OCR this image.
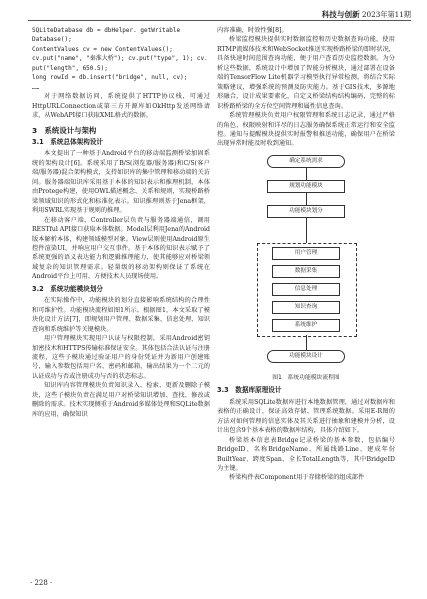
科技与创新 2023年第11期
SQLiteDatabase db = dbHelper. getWritable
Database();
ContentValues cv = new ContentValues();
cv.put("name", "秦淮大桥"); cv.put("type", 1); cv.
put("length", 650.5);
long rowId = db.insert("bridge", null, cv);
……

对于网络数据访问，系统提供了HTTP协议栈，可通过HttpURLConnection或第三方开源库如OkHttp发送网络请求，从WebAPI接口获取XML格式的数据。

3　系统设计与架构
3.1　系统总体架构设计

本文提出了一种基于Android平台的移动端监测桥梁加固系统的架构设计[6]。系统采用了B/S(浏览器/服务器)和C/S(客户端/服务器)混合架构模式，支持如识库的集中管理和移动端的关访问。服务器端知识库采用基于本体的知识表示和推理机制，本体由Protege构建，使用OWL描述概念、关系和规则，实现桥路桥梁领域知识的形式化和标准化表示。知识推理则基于Jena框架，利用SWRL实现基于规则的推理。

在移动客户端，Controller层负责与服务器端通信，调用RESTful API接口获取本体数据。Model层利用Jena的Android版本解析本体，构建领域模型对象。View层则使用Android原生控件渲染UI，并响应用户交互事件。基于本体的知识表示赋予了系统更强的语义表达能力和逻辑推理能力，使其能够应对桥梁领域复杂的知识管理需求。轻量级的移动架构则保证了系统在Android平台上可用，方便技术人员现场使用。

3.2　系统功能模块划分

在实际操作中，功能模块的划分直接影响系统结构的合理性和可维护性。功能模块流程如图1所示。根据图1，本文采取了模块化设计方法[7]，即规划用户管理、数据采集、信息处理、知识查询和系统维护等关键模块。

用户管理模块实现用户认证与权限控制，采用Android密钥加密技术和HTTPS传输标准保证安全。其体包括合法认证与注册流程，这些子模块通过验证用户的身份凭证并为新用户创建账号，输入参数包括用户名、密码和邮箱，输出结果为一个二元的认证成功与否或注册成功与否的状态标志。

知识库内容管理模块负责知识录入、检索、更新及删除子模块，这些子模块负责在满足用户对桥梁知识增加、查找、修改或删除的需求。技术实现侧重于Android多媒体处理和SQLite数据库的应用，确保知识

内容准确，时效性强[8]。

桥梁监控模块提供实时数据监控和历史数据查询功能，使用RTMP流媒体技术和WebSocket推送实现桥路桥梁的即时状况，具备快速时间范围查询功能，便于用户查看历史监控数据。为分析这些数据，系统设计中增加了智能分析模块，通过部署在设备端的TensorFlow Lite机器学习模型执行异常检测，将结合实际策略建议，增强系统的预测及防灾能力。基于GIS技术，多源地形融合，设计成果要素化，自定义桥梁结构结构编码，完整的标识桥路桥梁的全方位空间管理和属性信息查询。

系统管理模块负责用户权限管理和系统日志记录，通过严格的角色、权限映射和详尽的日志服务确保系统正常运行和安全监控。通知与提醒模块提供实时报警和推送功能，确保用户在桥梁出现异常时能及时收到通知。

确定系统需求
规划功能模块
功能模块划分
用户管理
数据采集
信息处理
知识查询
系统维护
功能模块设计
图1　系统功能模块流程图
3.3　数据库原理设计

系统采用SQLite数据库进行本地数据管理，通过对数据库和表格的正确设计，保证高效存储、管理系统数据。采用E-R图的方法对如何管理的信息实体及其关系进行抽象和建模并分析，设计出包含9个基本表格的数据库结构，具体介绍如下。

桥梁基本信息表Bridge记录桥梁的基本参数，包括编号BridgeID、名称BridgeName、所属线路Line、建成年份BuiltYear、跨度Span、全长TotalLength等，其中BridgeID为主键。

桥梁构件表Component用于存储桥梁的组成部件

· 228 ·
